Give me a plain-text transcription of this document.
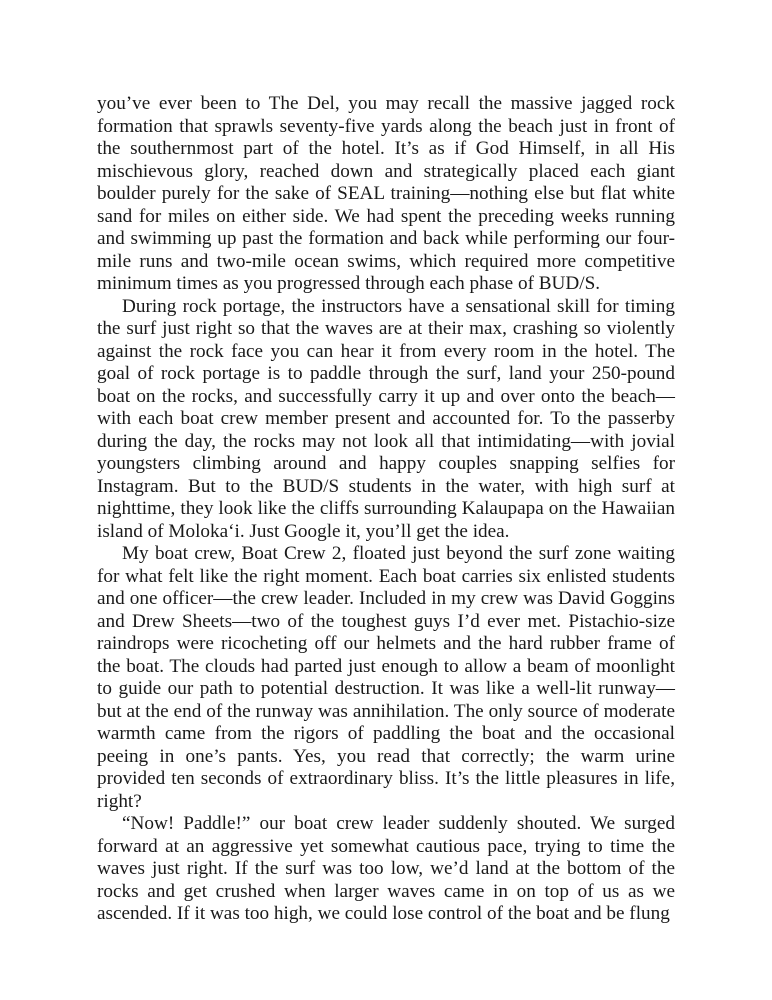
you’ve ever been to The Del, you may recall the massive jagged rock formation that sprawls seventy-five yards along the beach just in front of the southernmost part of the hotel. It’s as if God Himself, in all His mischievous glory, reached down and strategically placed each giant boulder purely for the sake of SEAL training—nothing else but flat white sand for miles on either side. We had spent the preceding weeks running and swimming up past the formation and back while performing our four-mile runs and two-mile ocean swims, which required more competitive minimum times as you progressed through each phase of BUD/S.

During rock portage, the instructors have a sensational skill for timing the surf just right so that the waves are at their max, crashing so violently against the rock face you can hear it from every room in the hotel. The goal of rock portage is to paddle through the surf, land your 250-pound boat on the rocks, and successfully carry it up and over onto the beach—with each boat crew member present and accounted for. To the passerby during the day, the rocks may not look all that intimidating—with jovial youngsters climbing around and happy couples snapping selfies for Instagram. But to the BUD/S students in the water, with high surf at nighttime, they look like the cliffs surrounding Kalaupapa on the Hawaiian island of Moloka‘i. Just Google it, you’ll get the idea.

My boat crew, Boat Crew 2, floated just beyond the surf zone waiting for what felt like the right moment. Each boat carries six enlisted students and one officer—the crew leader. Included in my crew was David Goggins and Drew Sheets—two of the toughest guys I’d ever met. Pistachio-size raindrops were ricocheting off our helmets and the hard rubber frame of the boat. The clouds had parted just enough to allow a beam of moonlight to guide our path to potential destruction. It was like a well-lit runway—but at the end of the runway was annihilation. The only source of moderate warmth came from the rigors of paddling the boat and the occasional peeing in one’s pants. Yes, you read that correctly; the warm urine provided ten seconds of extraordinary bliss. It’s the little pleasures in life, right?

“Now! Paddle!” our boat crew leader suddenly shouted. We surged forward at an aggressive yet somewhat cautious pace, trying to time the waves just right. If the surf was too low, we’d land at the bottom of the rocks and get crushed when larger waves came in on top of us as we ascended. If it was too high, we could lose control of the boat and be flung
